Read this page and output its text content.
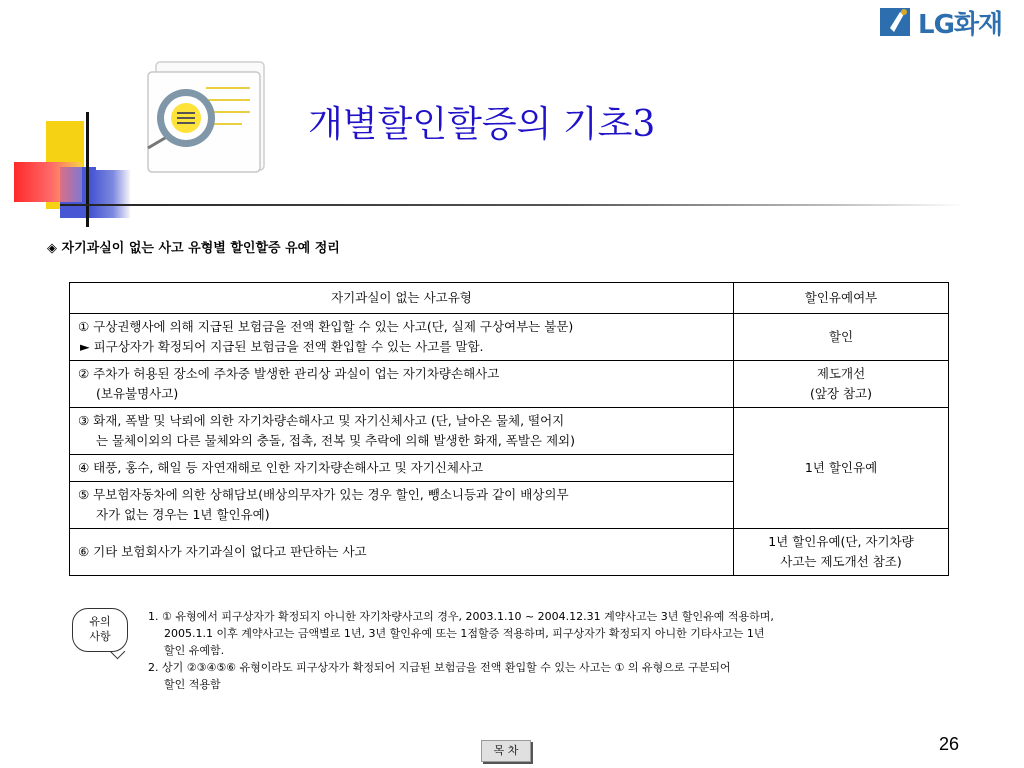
LG화재
개별할인할증의 기초3
◈ 자기과실이 없는 사고 유형별 할인할증 유예 정리
자기과실이 없는 사고유형	할인유예여부
① 구상권행사에 의해 지급된 보험금을 전액 환입할 수 있는 사고(단, 실제 구상여부는 불문)
► 피구상자가 확정되어 지급된 보험금을 전액 환입할 수 있는 사고를 말함.	할인
② 주차가 허용된 장소에 주차중 발생한 관리상 과실이 업는 자기차량손해사고
(보유불명사고)	제도개선
(앞장 참고)
③ 화재, 폭발 및 낙뢰에 의한 자기차량손해사고 및 자기신체사고 (단, 날아온 물체, 떨어지
는 물체이외의 다른 물체와의 충돌, 접촉, 전복 및 추락에 의해 발생한 화재, 폭발은 제외)	1년 할인유예
④ 태풍, 홍수, 해일 등 자연재해로 인한 자기차량손해사고 및 자기신체사고	
⑤ 무보험자동차에 의한 상해담보(배상의무자가 있는 경우 할인, 뺑소니등과 같이 배상의무
자가 없는 경우는 1년 할인유예)	

⑥ 기타 보험회사가 자기과실이 없다고 판단하는 사고	1년 할인유예(단, 자기차량
사고는 제도개선 참조)
유의
사항

1. ① 유형에서 피구상자가 확정되지 아니한 자기차량사고의 경우, 2003.1.10 ~ 2004.12.31 계약사고는 3년 할인유예 적용하며,

2005.1.1 이후 계약사고는 금액별로 1년, 3년 할인유예 또는 1점할증 적용하며, 피구상자가 확정되지 아니한 기타사고는 1년

할인 유예함.

2. 상기 ②③④⑤⑥ 유형이라도 피구상자가 확정되어 지급된 보험금을 전액 환입할 수 있는 사고는 ① 의 유형으로 구분되어

할인 적용함

26
목 차
